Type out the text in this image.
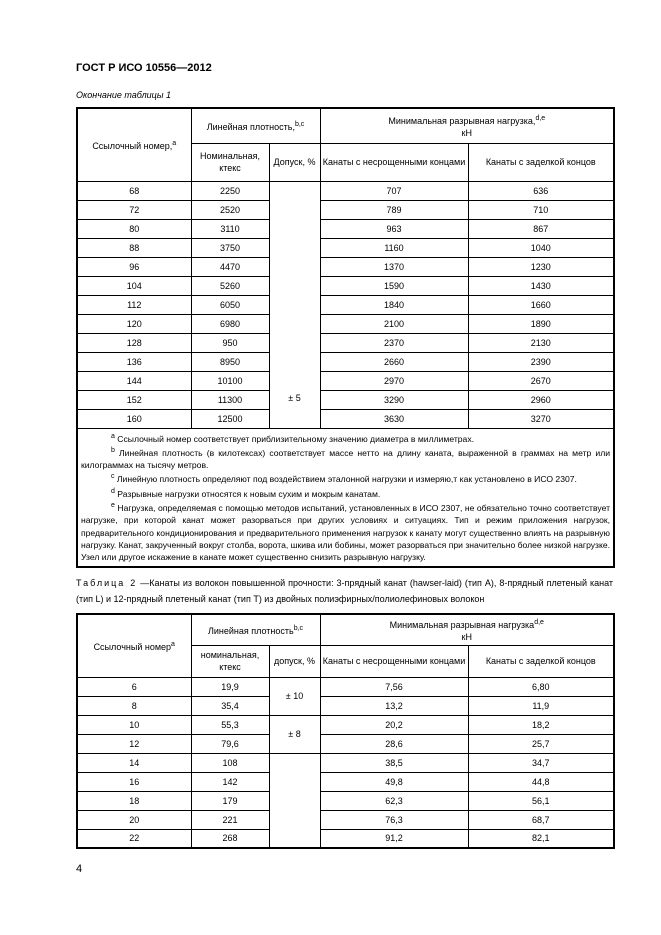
ГОСТ Р ИСО 10556—2012
Окончание таблицы 1
Ссылочный номер,$^a$	Линейная плотность,$^{b,c}$		Минимальная разрывная нагрузка,$^{d,e}$
кН	
	Номинальная, ктекс	Допуск, %	Канаты с несрощенными концами	Канаты с заделкой концов
68	2250	± 5	707	636
72	2520		789	710
80	3110		963	867
88	3750		1160	1040
96	4470		1370	1230
104	5260		1590	1430
112	6050		1840	1660
120	6980		2100	1890
128	950		2370	2130
136	8950		2660	2390
144	10100		2970	2670
152	11300		3290	2960
160	12500		3630	3270

$^a$ Ссылочный номер соответствует приблизительному значению диаметра в миллиметрах.

$^b$ Линейная плотность (в килотексах) соответствует массе нетто на длину каната, выраженной в граммах на метр или килограммах на тысячу метров.

$^c$ Линейную плотность определяют под воздействием эталонной нагрузки и измеряю,т как установлено в ИСО 2307.

$^d$ Разрывные нагрузки относятся к новым сухим и мокрым канатам.

$^e$ Нагрузка, определяемая с помощью методов испытаний, установленных в ИСО 2307, не обязательно точно соответствует нагрузке, при которой канат может разорваться при других условиях и ситуациях. Тип и режим приложения нагрузок, предварительного кондиционирования и предварительного применения нагрузок к канату могут существенно влиять на разрывную нагрузку. Канат, закрученный вокруг столба, ворота, шкива или бобины, может разорваться при значительно более низкой нагрузке. Узел или другое искажение в канате может существенно снизить разрывную нагрузку.				

Таблица 2 —Канаты из волокон повышенной прочности: 3-прядный канат (hawser-laid) (тип A), 8-прядный плетеный канат (тип L) и 12-прядный плетеный канат (тип T) из двойных полиэфирных/полиолефиновых волокон
Ссылочный номер$^a$	Линейная плотность$^{b,c}$		Минимальная разрывная нагрузка$^{d,e}$
кН	
	номинальная, ктекс	допуск, %	Канаты с несрощенными концами	Канаты с заделкой концов
6	19,9	± 10	7,56	6,80
8	35,4		13,2	11,9
10	55,3	± 8	20,2	18,2
12	79,6		28,6	25,7
14	108		38,5	34,7
16	142		49,8	44,8
18	179		62,3	56,1
20	221		76,3	68,7
22	268		91,2	82,1
4
